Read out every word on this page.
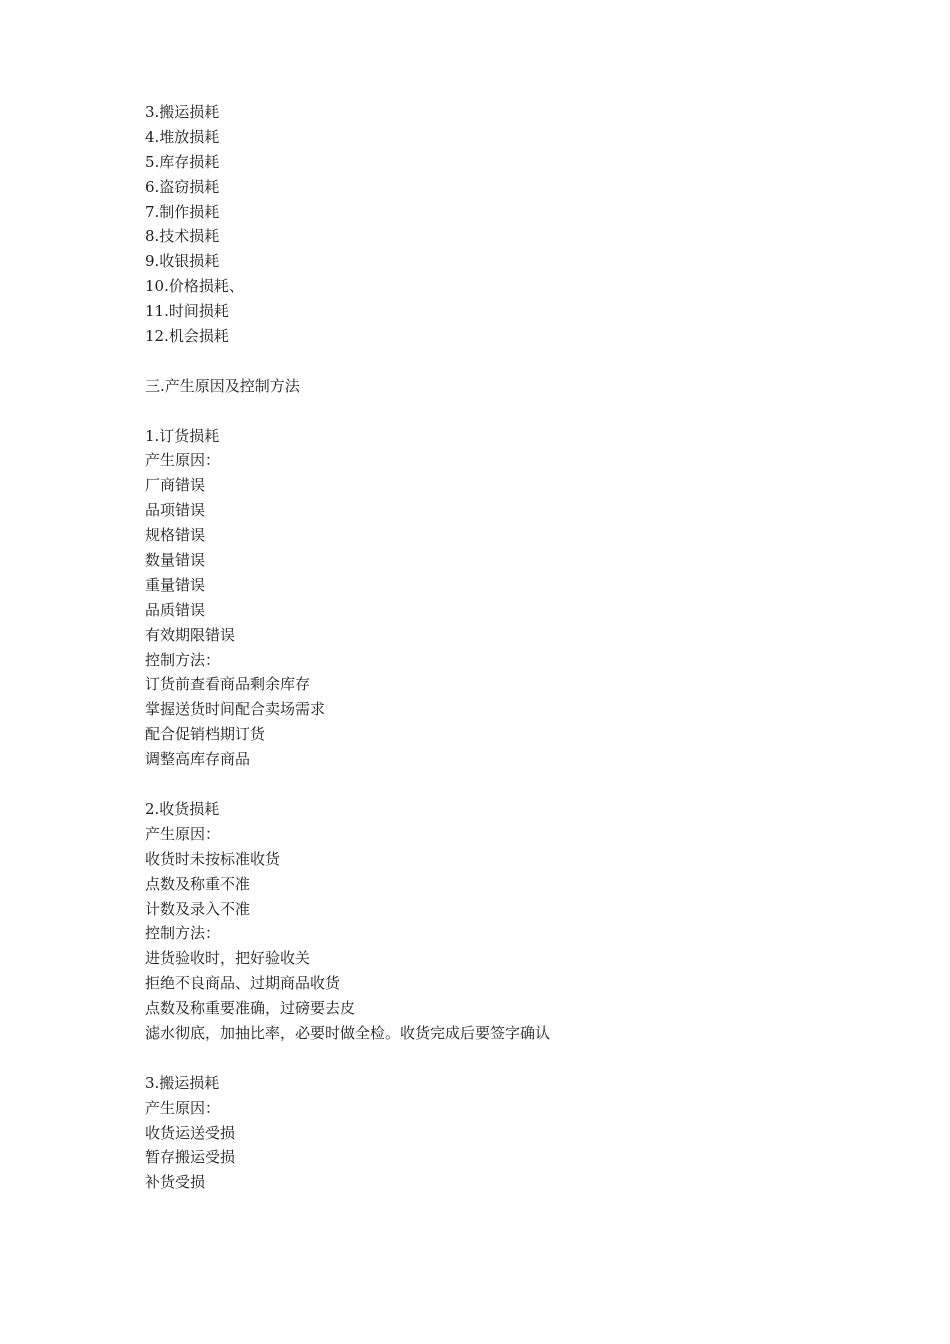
3.搬运损耗
4.堆放损耗
5.库存损耗
6.盗窃损耗
7.制作损耗
8.技术损耗
9.收银损耗
10.价格损耗、
11.时间损耗
12.机会损耗
三.产生原因及控制方法
1.订货损耗
产生原因：
厂商错误
品项错误
规格错误
数量错误
重量错误
品质错误
有效期限错误
控制方法：
订货前查看商品剩余库存
掌握送货时间配合卖场需求
配合促销档期订货
调整高库存商品
2.收货损耗
产生原因：
收货时未按标准收货
点数及称重不准
计数及录入不准
控制方法：
进货验收时，把好验收关
拒绝不良商品、过期商品收货
点数及称重要准确，过磅要去皮
滤水彻底，加抽比率，必要时做全检。收货完成后要签字确认
3.搬运损耗
产生原因：
收货运送受损
暂存搬运受损
补货受损
